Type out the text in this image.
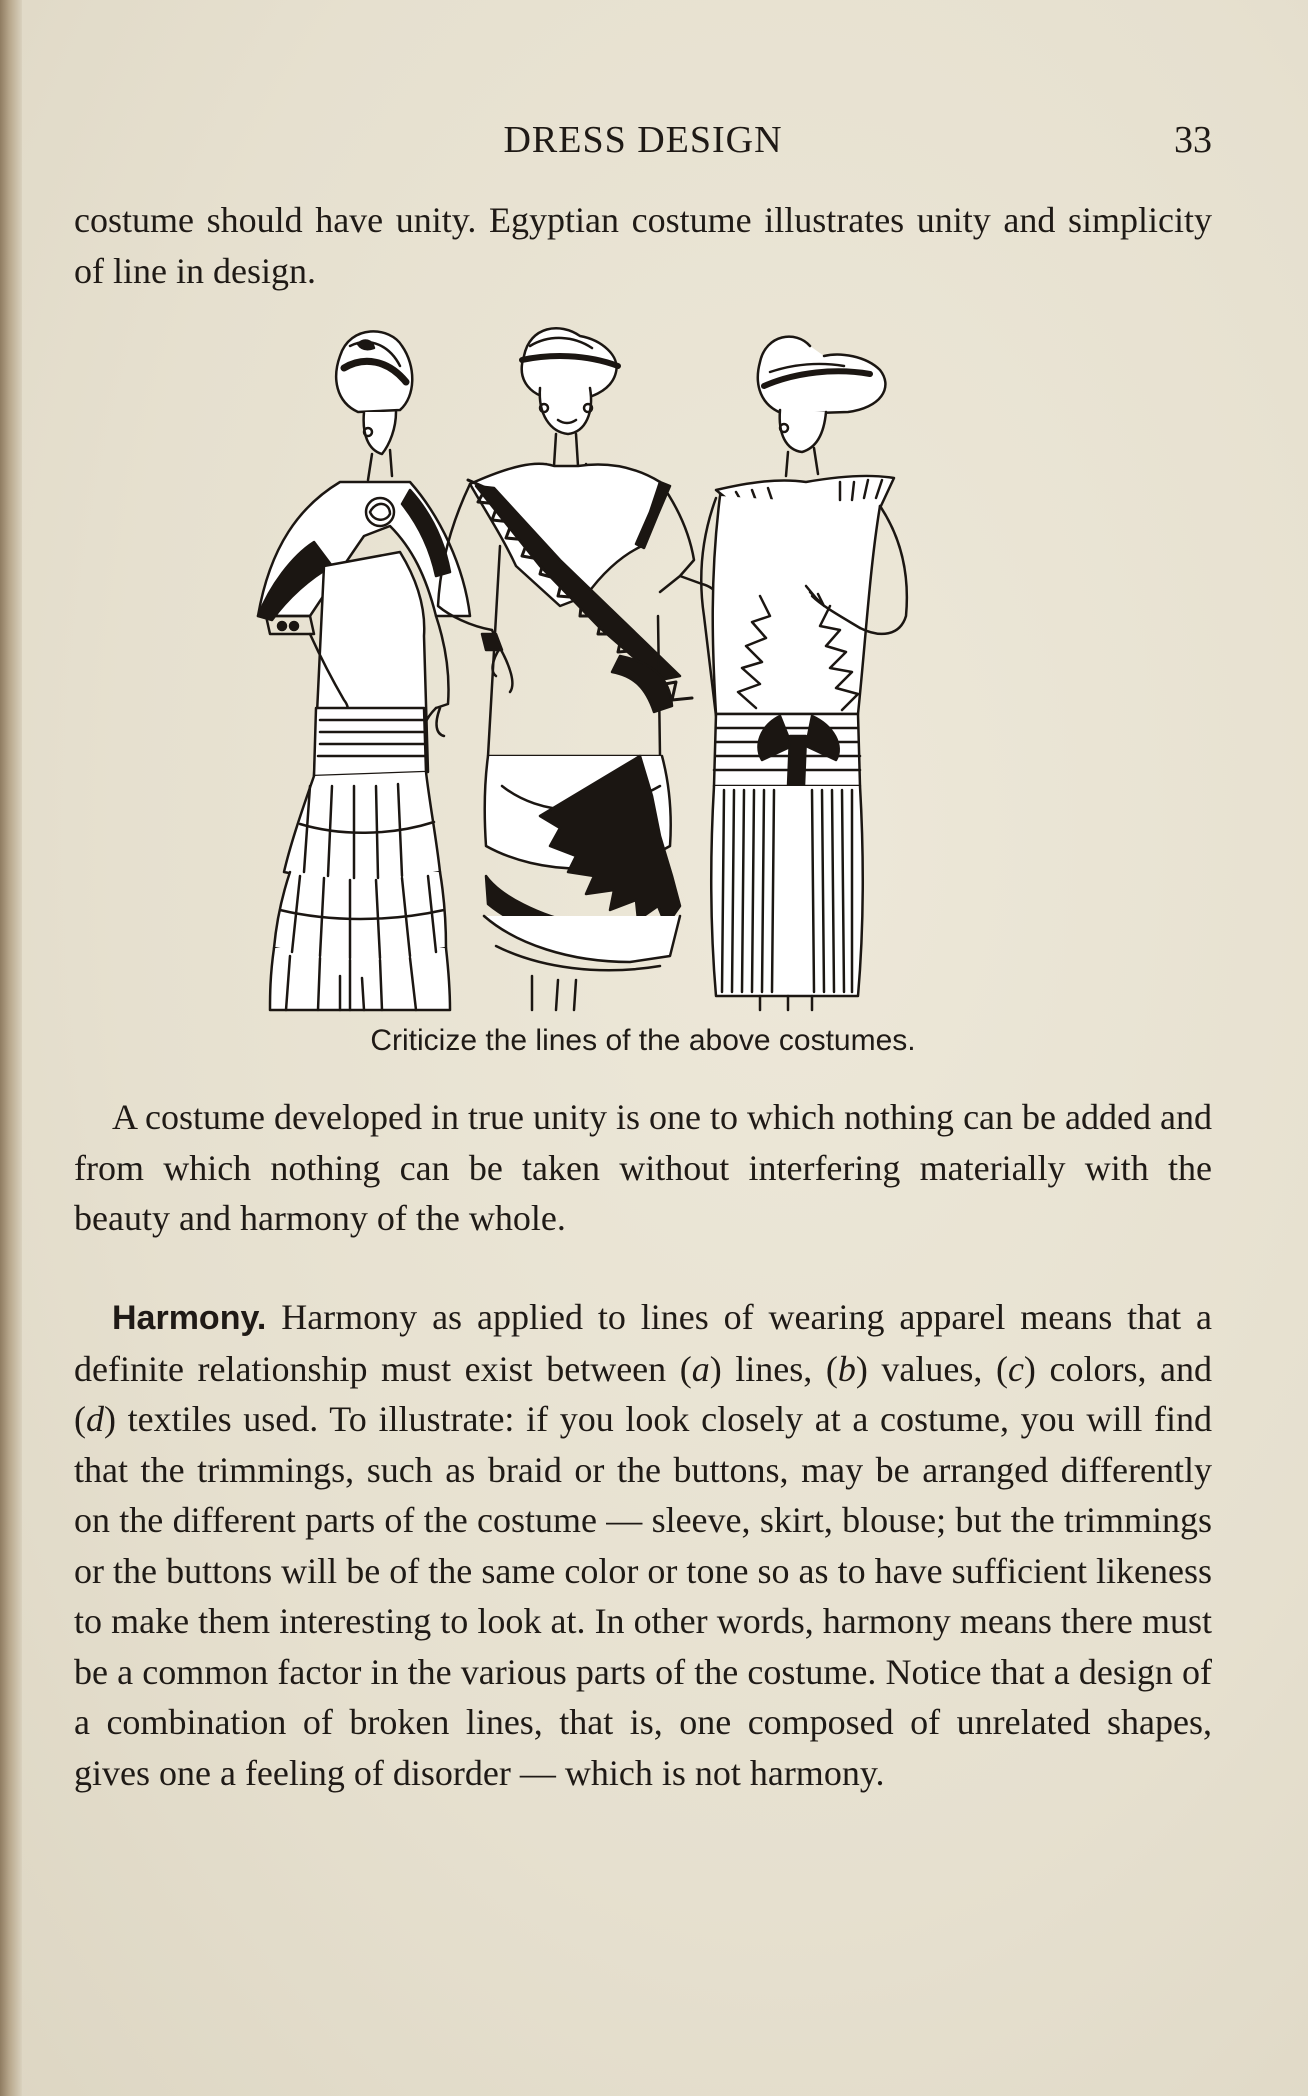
DRESS DESIGN	33

costume should have unity. Egyptian costume illustrates unity and simplicity of line in design.

Criticize the lines of the above costumes.

A costume developed in true unity is one to which nothing can be added and from which nothing can be taken without interfering materially with the beauty and harmony of the whole.

Harmony. Harmony as applied to lines of wearing apparel means that a definite relationship must exist between (a) lines, (b) values, (c) colors, and (d) textiles used. To illustrate: if you look closely at a costume, you will find that the trimmings, such as braid or the buttons, may be arranged differently on the different parts of the costume — sleeve, skirt, blouse; but the trimmings or the buttons will be of the same color or tone so as to have sufficient likeness to make them interesting to look at. In other words, harmony means there must be a common factor in the various parts of the costume. Notice that a design of a combination of broken lines, that is, one composed of unrelated shapes, gives one a feeling of disorder — which is not harmony.
